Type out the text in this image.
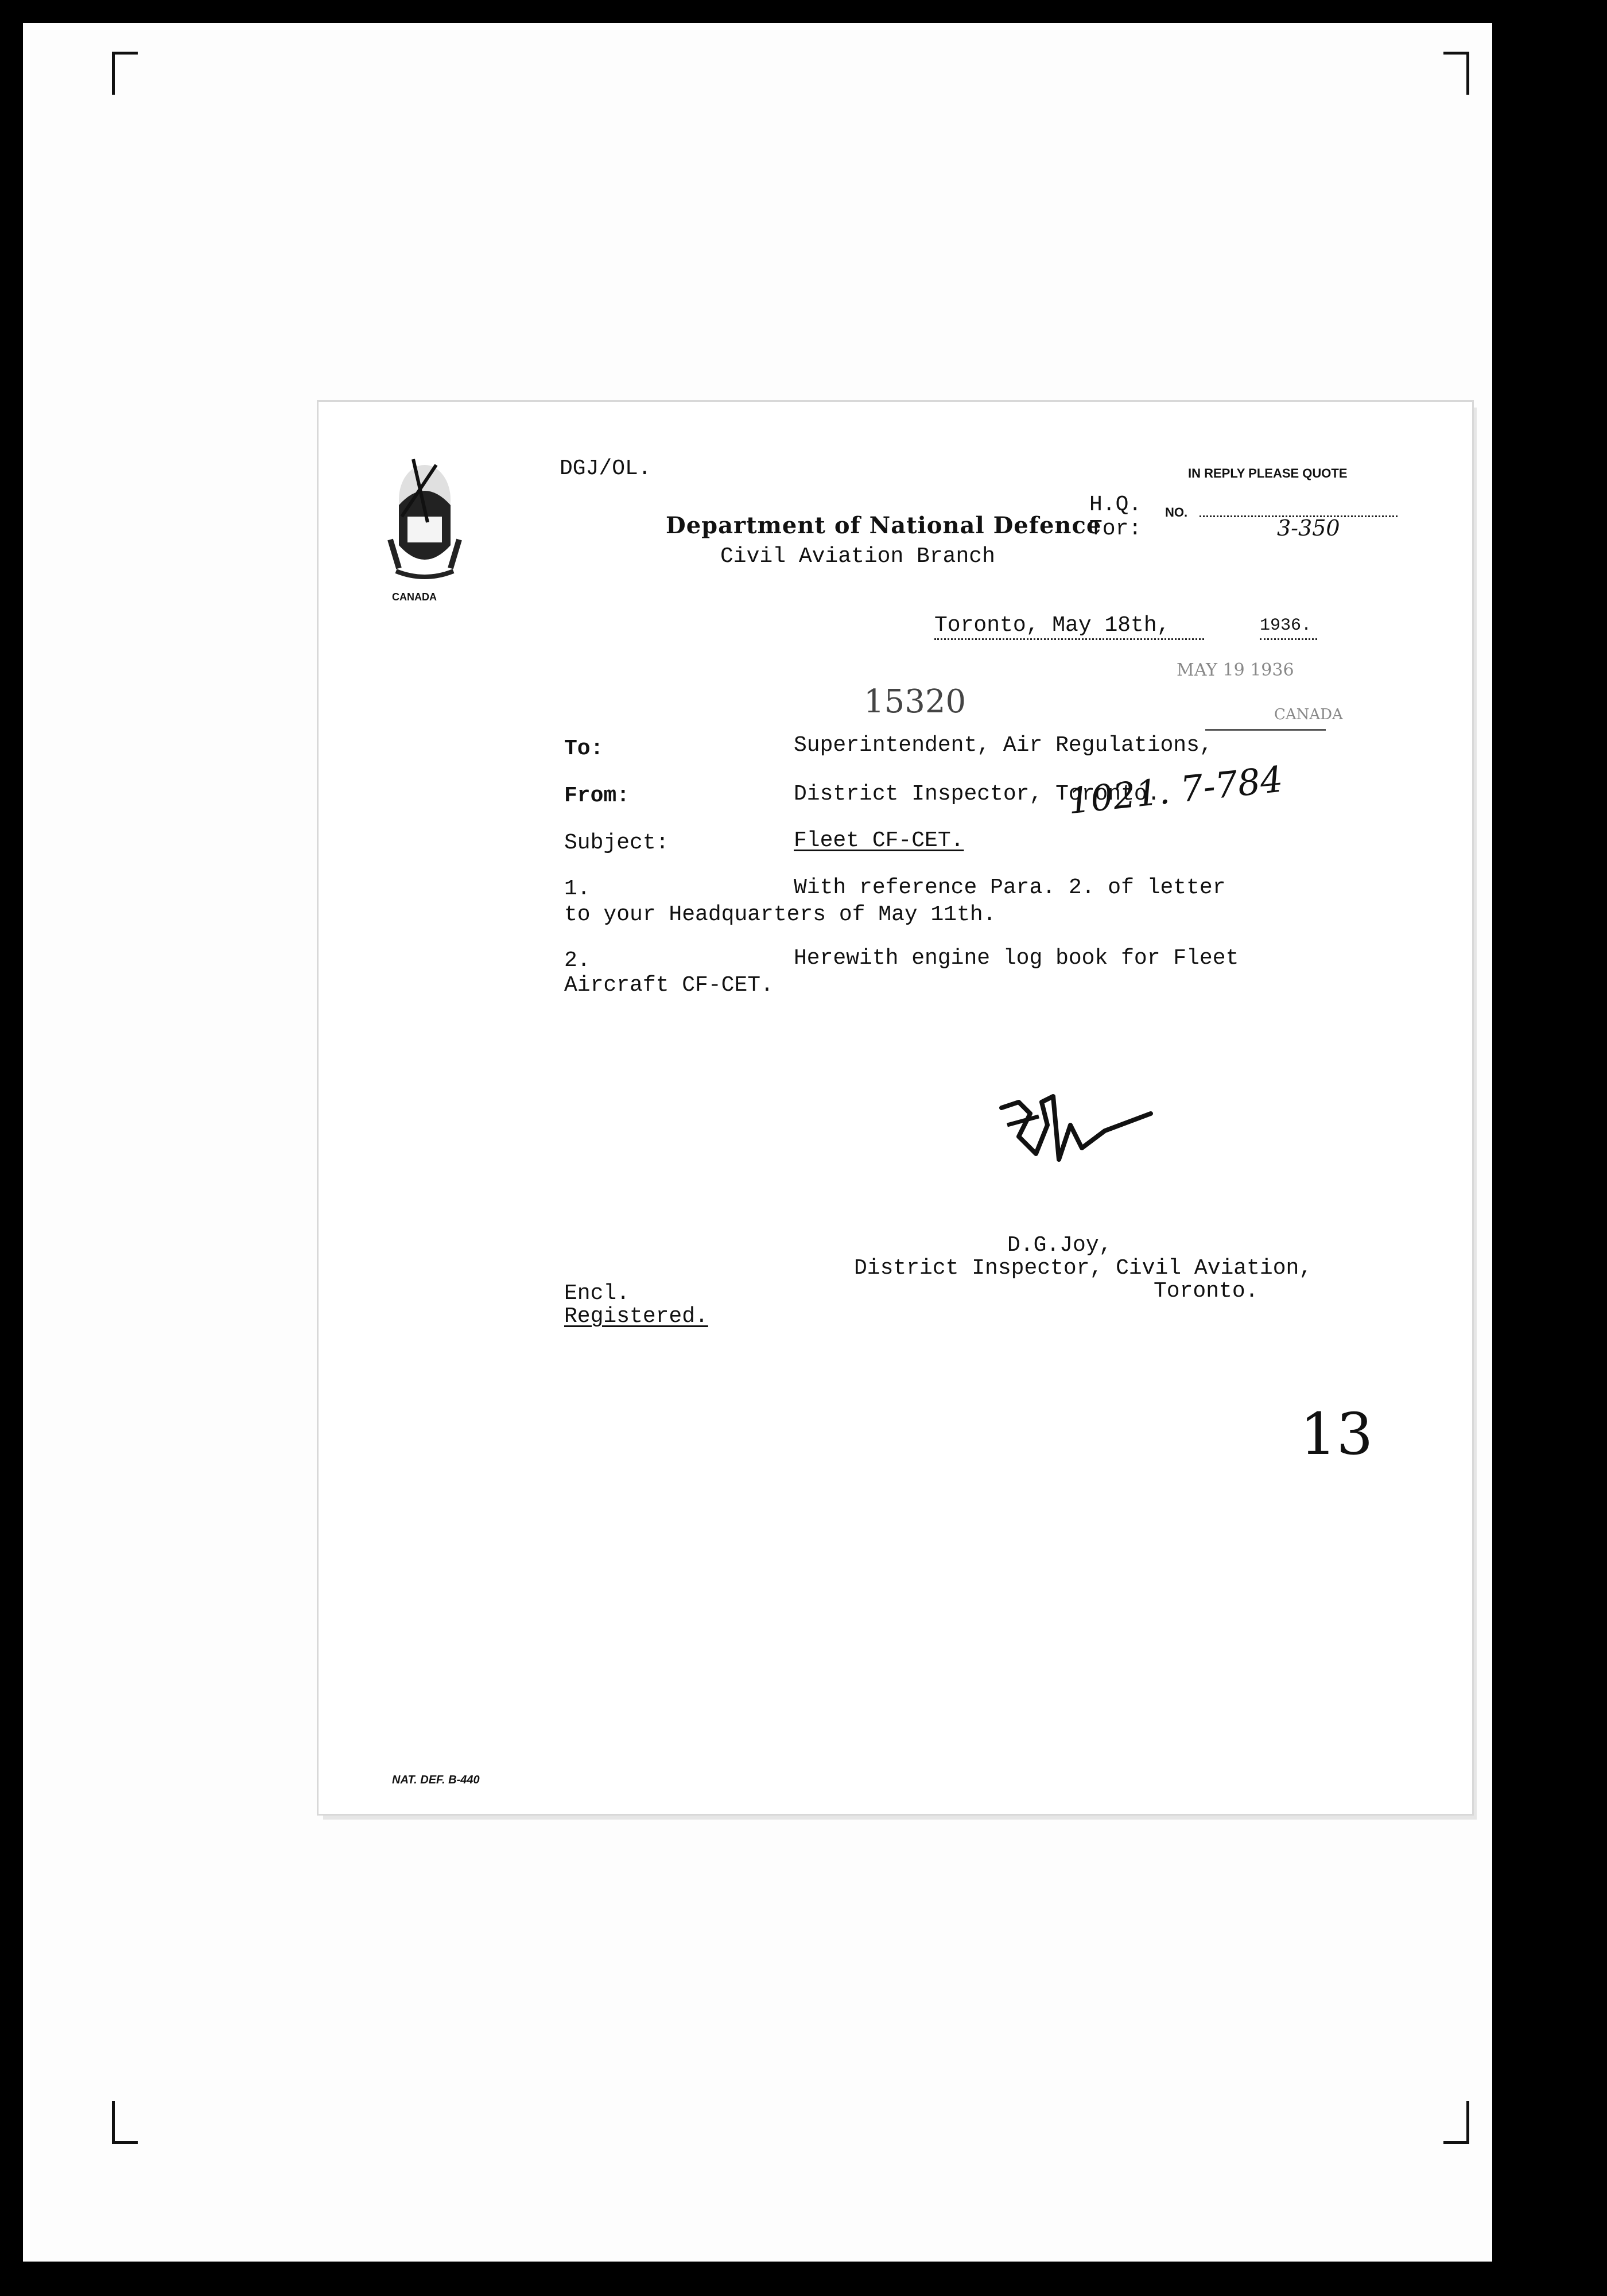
CANADA
DGJ/OL.	IN REPLY PLEASE QUOTE
H.Q. NO.
Tor:	3-350
Department of National Defence
Civil Aviation Branch
Toronto, May 18th,	1936.
15320
MAY 19 1936
CANADA
To:	Superintendent, Air Regulations,
From:	District Inspector, Toronto.
1021. 7-784
Subject:	Fleet CF-CET.
1.	With reference Para. 2. of letter
to your Headquarters of May 11th.
2.	Herewith engine log book for Fleet
Aircraft CF-CET.
D.G.Joy,
District Inspector, Civil Aviation,
Toronto.
Encl.
Registered.
13
NAT. DEF. B-440
